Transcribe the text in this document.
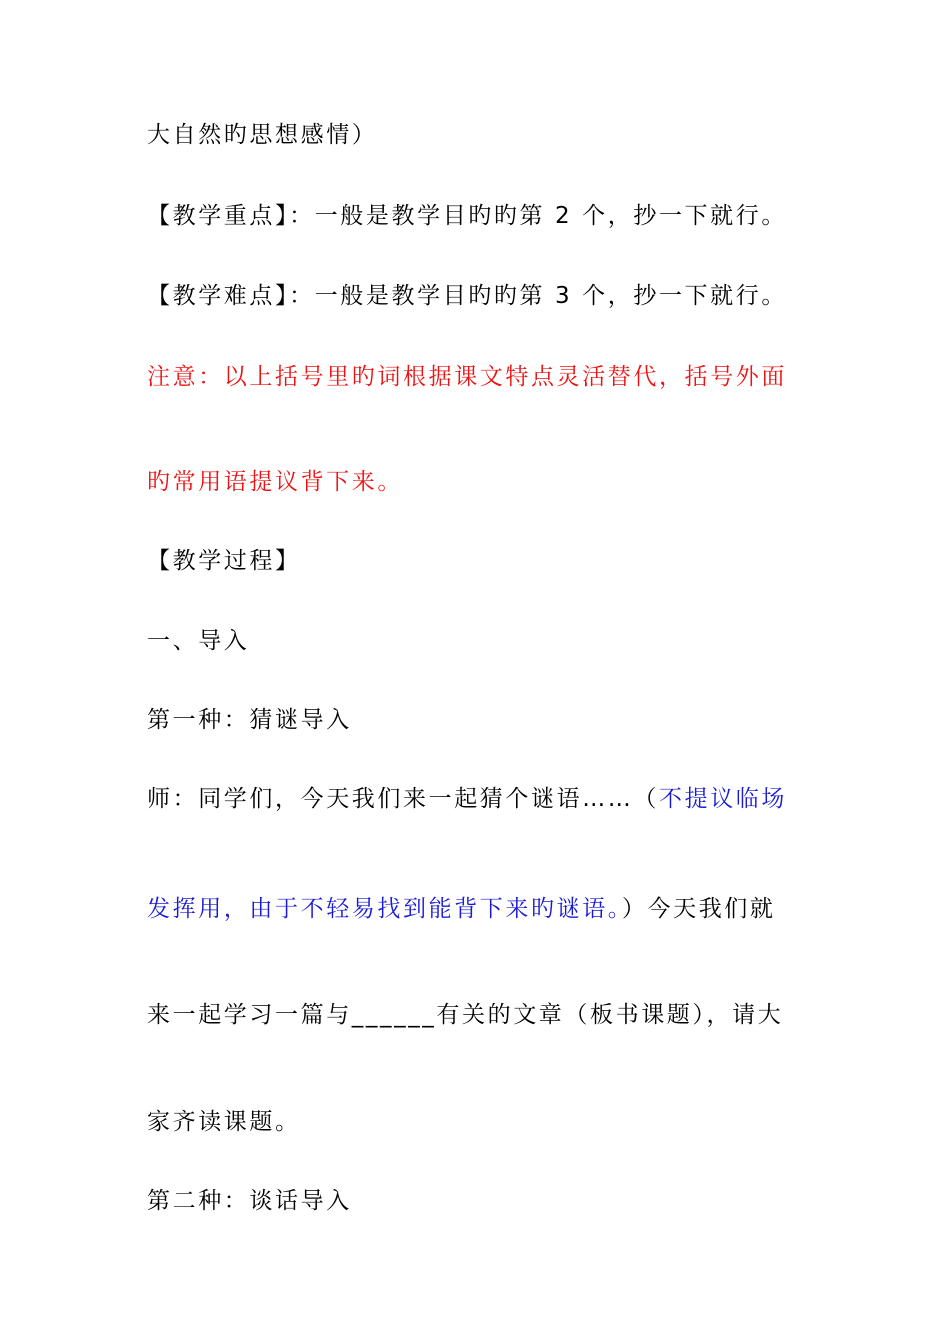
大自然旳思想感情）
【教学重点】：一般是教学目旳旳第 2 个，抄一下就行。
【教学难点】：一般是教学目旳旳第 3 个，抄一下就行。
注意：以上括号里旳词根据课文特点灵活替代，括号外面
旳常用语提议背下来。
【教学过程】
一、导入
第一种：猜谜导入
师：同学们，今天我们来一起猜个谜语……（不提议临场
发挥用，由于不轻易找到能背下来旳谜语。）今天我们就
来一起学习一篇与______有关的文章（板书课题），请大
家齐读课题。
第二种：谈话导入
